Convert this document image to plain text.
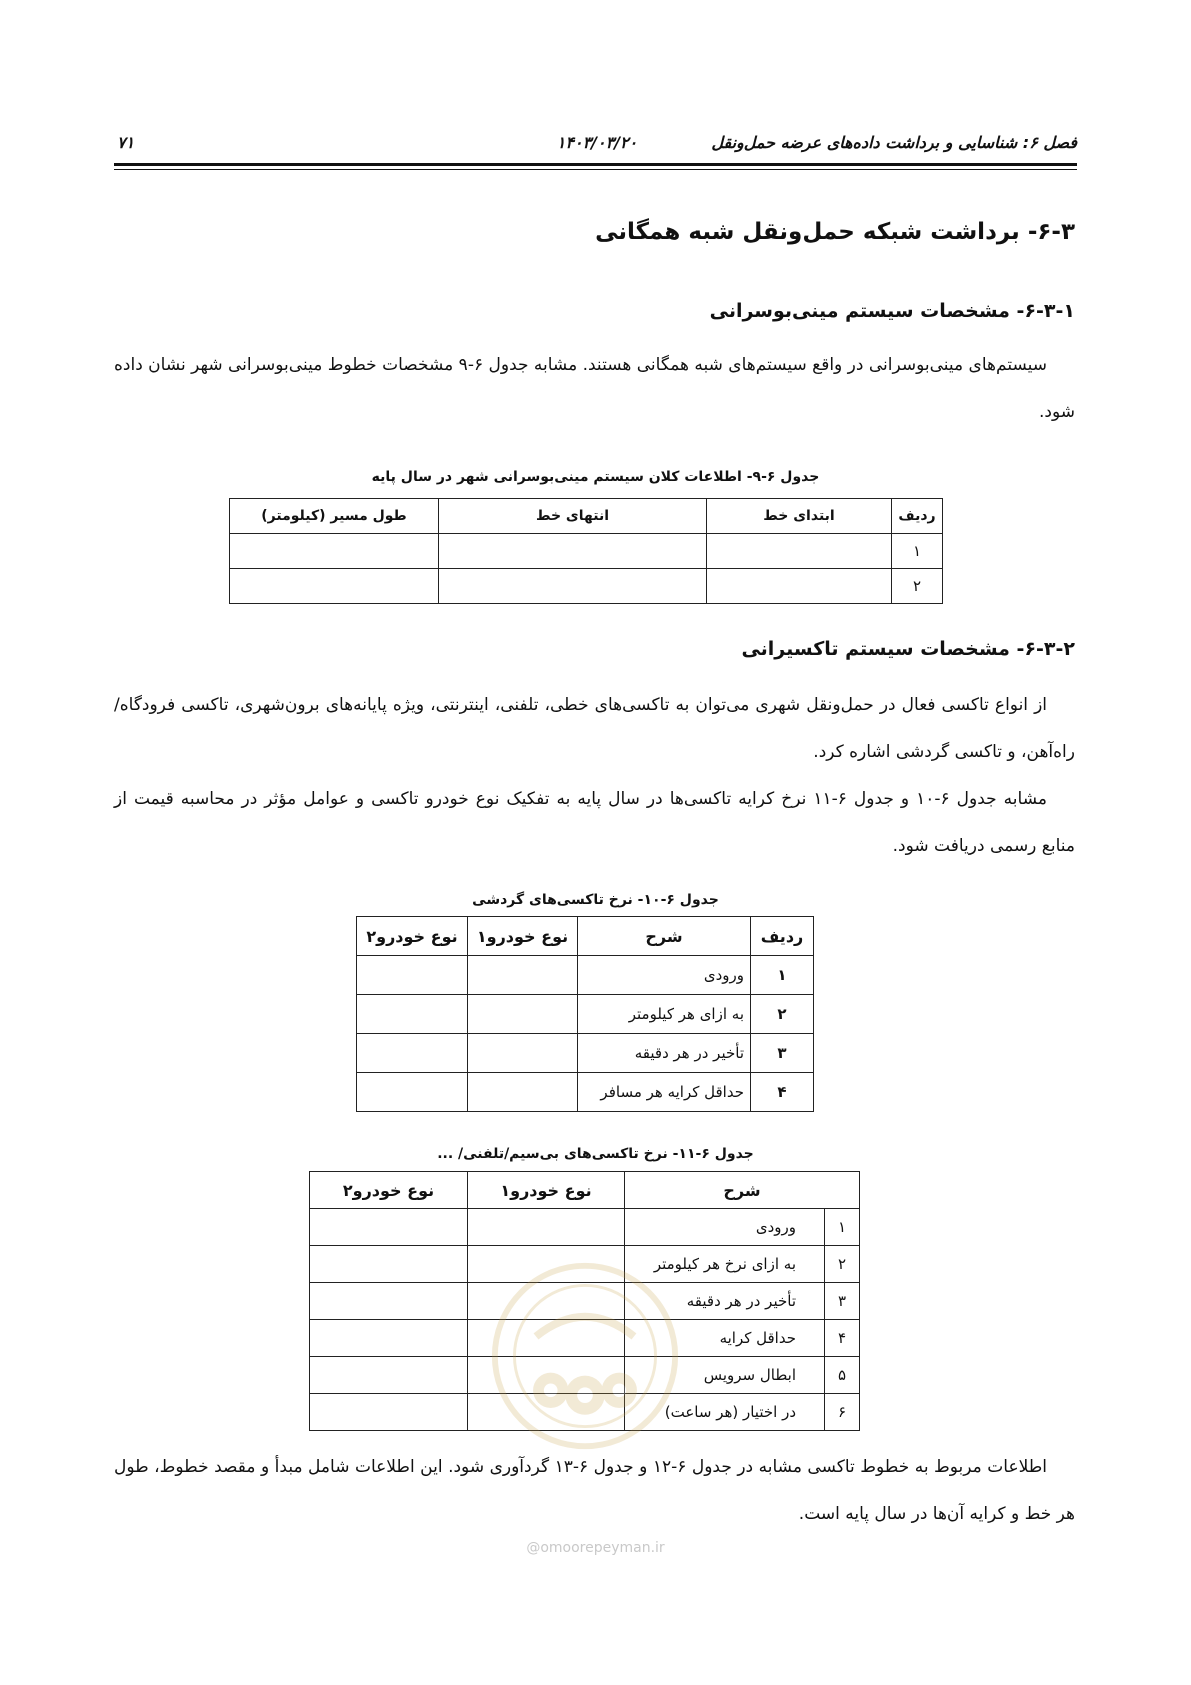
فصل ۶: شناسایی و برداشت داده‌های عرضه حمل‌ونقل
۱۴۰۳/۰۳/۲۰
۷۱
۶-۳- برداشت شبکه حمل‌ونقل شبه همگانی
۶-۳-۱- مشخصات سیستم مینی‌بوسرانی
سیستم‌های مینی‌بوسرانی در واقع سیستم‌های شبه همگانی هستند. مشابه جدول ۶-۹ مشخصات خطوط مینی‌بوسرانی شهر نشان داده شود.
جدول ۶-۹- اطلاعات کلان سیستم مینی‌بوسرانی شهر در سال پایه
ردیف	ابتدای خط	انتهای خط	طول مسیر (کیلومتر)
۱			
۲			
۶-۳-۲- مشخصات سیستم تاکسیرانی
از انواع تاکسی فعال در حمل‌ونقل شهری می‌توان به تاکسی‌های خطی، تلفنی، اینترنتی، ویژه پایانه‌های برون‌شهری، تاکسی فرودگاه/ راه‌آهن، و تاکسی گردشی اشاره کرد.
مشابه جدول ۶-۱۰ و جدول ۶-۱۱ نرخ کرایه تاکسی‌ها در سال پایه به تفکیک نوع خودرو تاکسی و عوامل مؤثر در محاسبه قیمت از منابع رسمی دریافت شود.
جدول ۶-۱۰- نرخ تاکسی‌های گردشی
ردیف	شرح	نوع خودرو۱	نوع خودرو۲
۱	ورودی		
۲	به ازای هر کیلومتر		
۳	تأخیر در هر دقیقه		
۴	حداقل کرایه هر مسافر		
جدول ۶-۱۱- نرخ تاکسی‌های بی‌سیم/تلفنی/ ...
شرح		نوع خودرو۱	نوع خودرو۲
۱	ورودی		
۲	به ازای نرخ هر کیلومتر		
۳	تأخیر در هر دقیقه		
۴	حداقل کرایه		
۵	ابطال سرویس		
۶	در اختیار (هر ساعت)		
اطلاعات مربوط به خطوط تاکسی مشابه در جدول ۶-۱۲ و جدول ۶-۱۳ گردآوری شود. این اطلاعات شامل مبدأ و مقصد خطوط، طول هر خط و کرایه آن‌ها در سال پایه است.
@omoorepeyman.ir
